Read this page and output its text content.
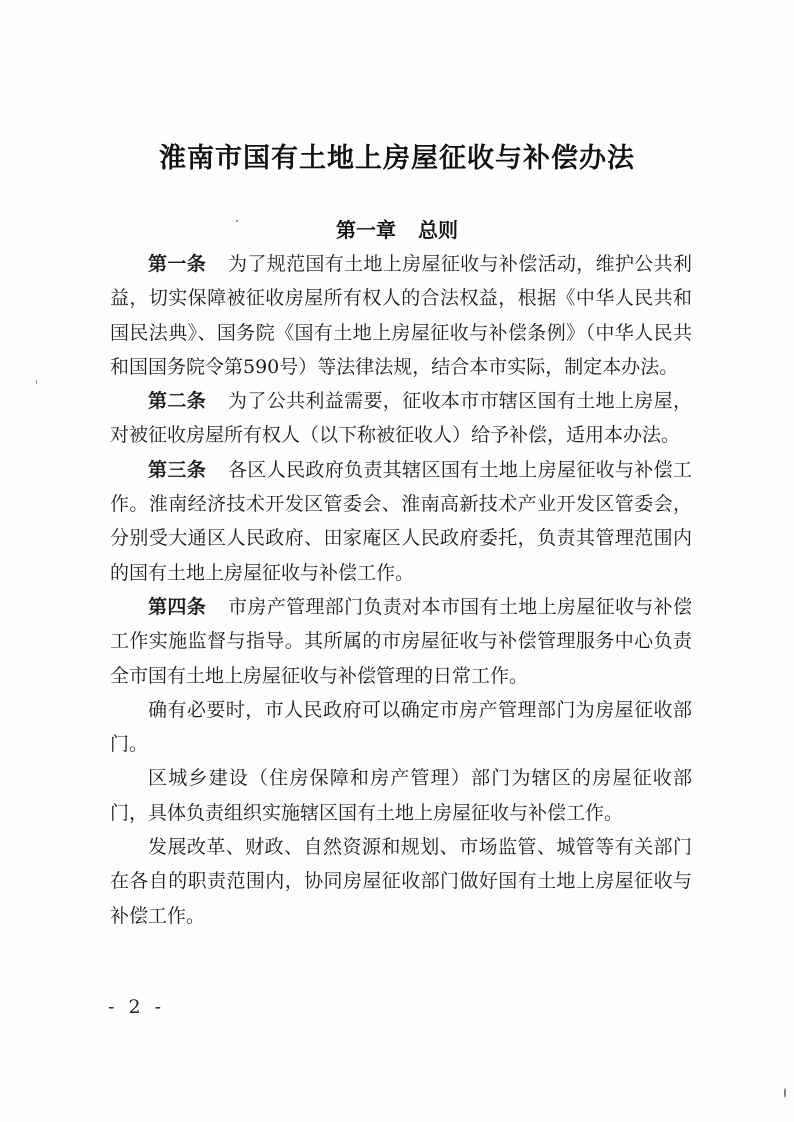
淮南市国有土地上房屋征收与补偿办法
第一章 总则

第一条 为了规范国有土地上房屋征收与补偿活动，维护公共利益，切实保障被征收房屋所有权人的合法权益，根据《中华人民共和国民法典》、国务院《国有土地上房屋征收与补偿条例》（中华人民共和国国务院令第590号）等法律法规，结合本市实际，制定本办法。

第二条 为了公共利益需要，征收本市市辖区国有土地上房屋，对被征收房屋所有权人（以下称被征收人）给予补偿，适用本办法。

第三条 各区人民政府负责其辖区国有土地上房屋征收与补偿工作。淮南经济技术开发区管委会、淮南高新技术产业开发区管委会，分别受大通区人民政府、田家庵区人民政府委托，负责其管理范围内的国有土地上房屋征收与补偿工作。

第四条 市房产管理部门负责对本市国有土地上房屋征收与补偿工作实施监督与指导。其所属的市房屋征收与补偿管理服务中心负责全市国有土地上房屋征收与补偿管理的日常工作。

确有必要时，市人民政府可以确定市房产管理部门为房屋征收部门。

区城乡建设（住房保障和房产管理）部门为辖区的房屋征收部门，具体负责组织实施辖区国有土地上房屋征收与补偿工作。

发展改革、财政、自然资源和规划、市场监管、城管等有关部门在各自的职责范围内，协同房屋征收部门做好国有土地上房屋征收与补偿工作。

- 2 -
